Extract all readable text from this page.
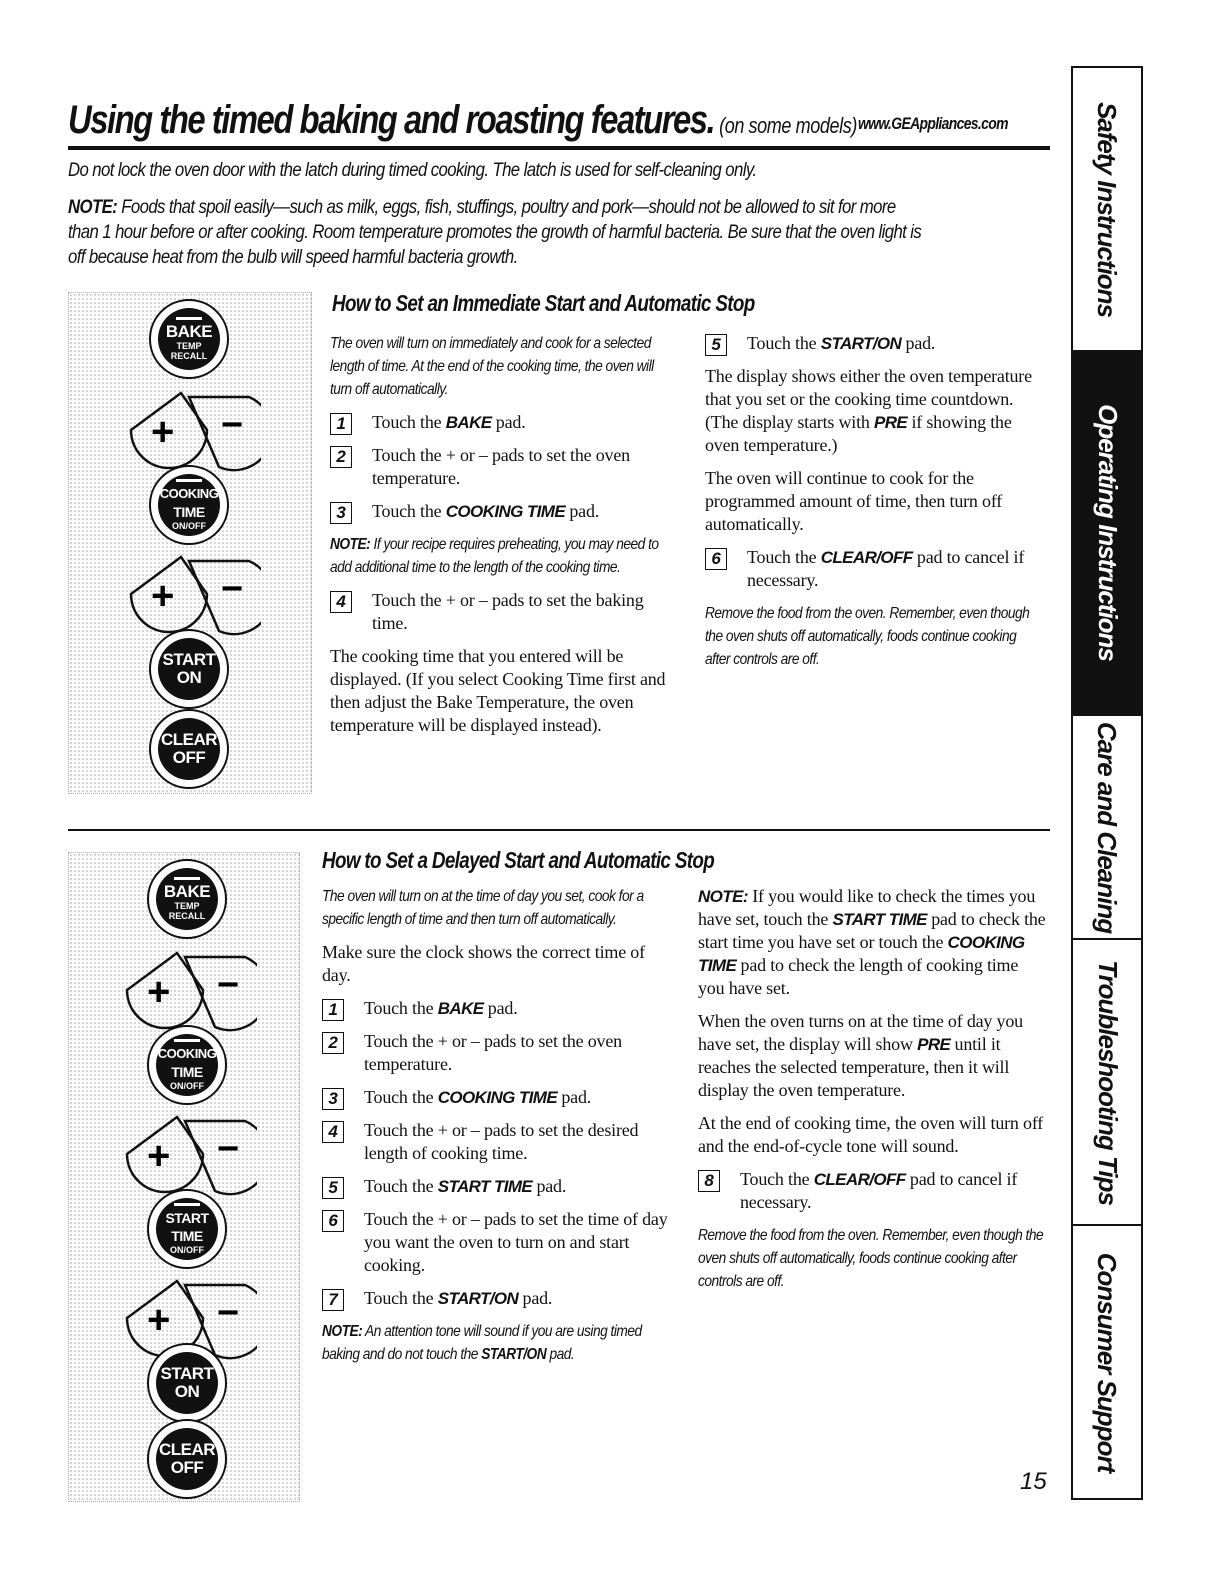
Using the timed baking and roasting features. (on some models) www.GEAppliances.com
Do not lock the oven door with the latch during timed cooking. The latch is used for self-cleaning only.
NOTE: Foods that spoil easily—such as milk, eggs, fish, stuffings, poultry and pork—should not be allowed to sit for more than 1 hour before or after cooking. Room temperature promotes the growth of harmful bacteria. Be sure that the oven light is off because heat from the bulb will speed harmful bacteria growth.
How to Set an Immediate Start and Automatic Stop
BAKE
TEMP RECALL
+ −
COOKING
TIME
ON/OFF
+ −
START
ON
CLEAR
OFF

The oven will turn on immediately and cook for a selected length of time. At the end of the cooking time, the oven will turn off automatically.

1	Touch the BAKE pad.
2	Touch the + or – pads to set the oven temperature.
3	Touch the COOKING TIME pad.

NOTE: If your recipe requires preheating, you may need to add additional time to the length of the cooking time.

4	Touch the + or – pads to set the baking time.

The cooking time that you entered will be displayed. (If you select Cooking Time first and then adjust the Bake Temperature, the oven temperature will be displayed instead).

5	Touch the START/ON pad.

The display shows either the oven temperature that you set or the cooking time countdown. (The display starts with PRE if showing the oven temperature.)

The oven will continue to cook for the programmed amount of time, then turn off automatically.

6	Touch the CLEAR/OFF pad to cancel if necessary.

Remove the food from the oven. Remember, even though the oven shuts off automatically, foods continue cooking after controls are off.

How to Set a Delayed Start and Automatic Stop
BAKE
TEMP RECALL
+ −
COOKING
TIME
ON/OFF
+ −
START
TIME
ON/OFF
+ −
START
ON
CLEAR
OFF

The oven will turn on at the time of day you set, cook for a specific length of time and then turn off automatically.

Make sure the clock shows the correct time of day.

1	Touch the BAKE pad.
2	Touch the + or – pads to set the oven temperature.
3	Touch the COOKING TIME pad.
4	Touch the + or – pads to set the desired length of cooking time.
5	Touch the START TIME pad.
6	Touch the + or – pads to set the time of day you want the oven to turn on and start cooking.
7	Touch the START/ON pad.

NOTE: An attention tone will sound if you are using timed baking and do not touch the START/ON pad.

NOTE: If you would like to check the times you have set, touch the START TIME pad to check the start time you have set or touch the COOKING TIME pad to check the length of cooking time you have set.

When the oven turns on at the time of day you have set, the display will show PRE until it reaches the selected temperature, then it will display the oven temperature.

At the end of cooking time, the oven will turn off and the end-of-cycle tone will sound.

8	Touch the CLEAR/OFF pad to cancel if necessary.

Remove the food from the oven. Remember, even though the oven shuts off automatically, foods continue cooking after controls are off.

15
Safety Instructions
Operating Instructions
Care and Cleaning
Troubleshooting Tips
Consumer Support
